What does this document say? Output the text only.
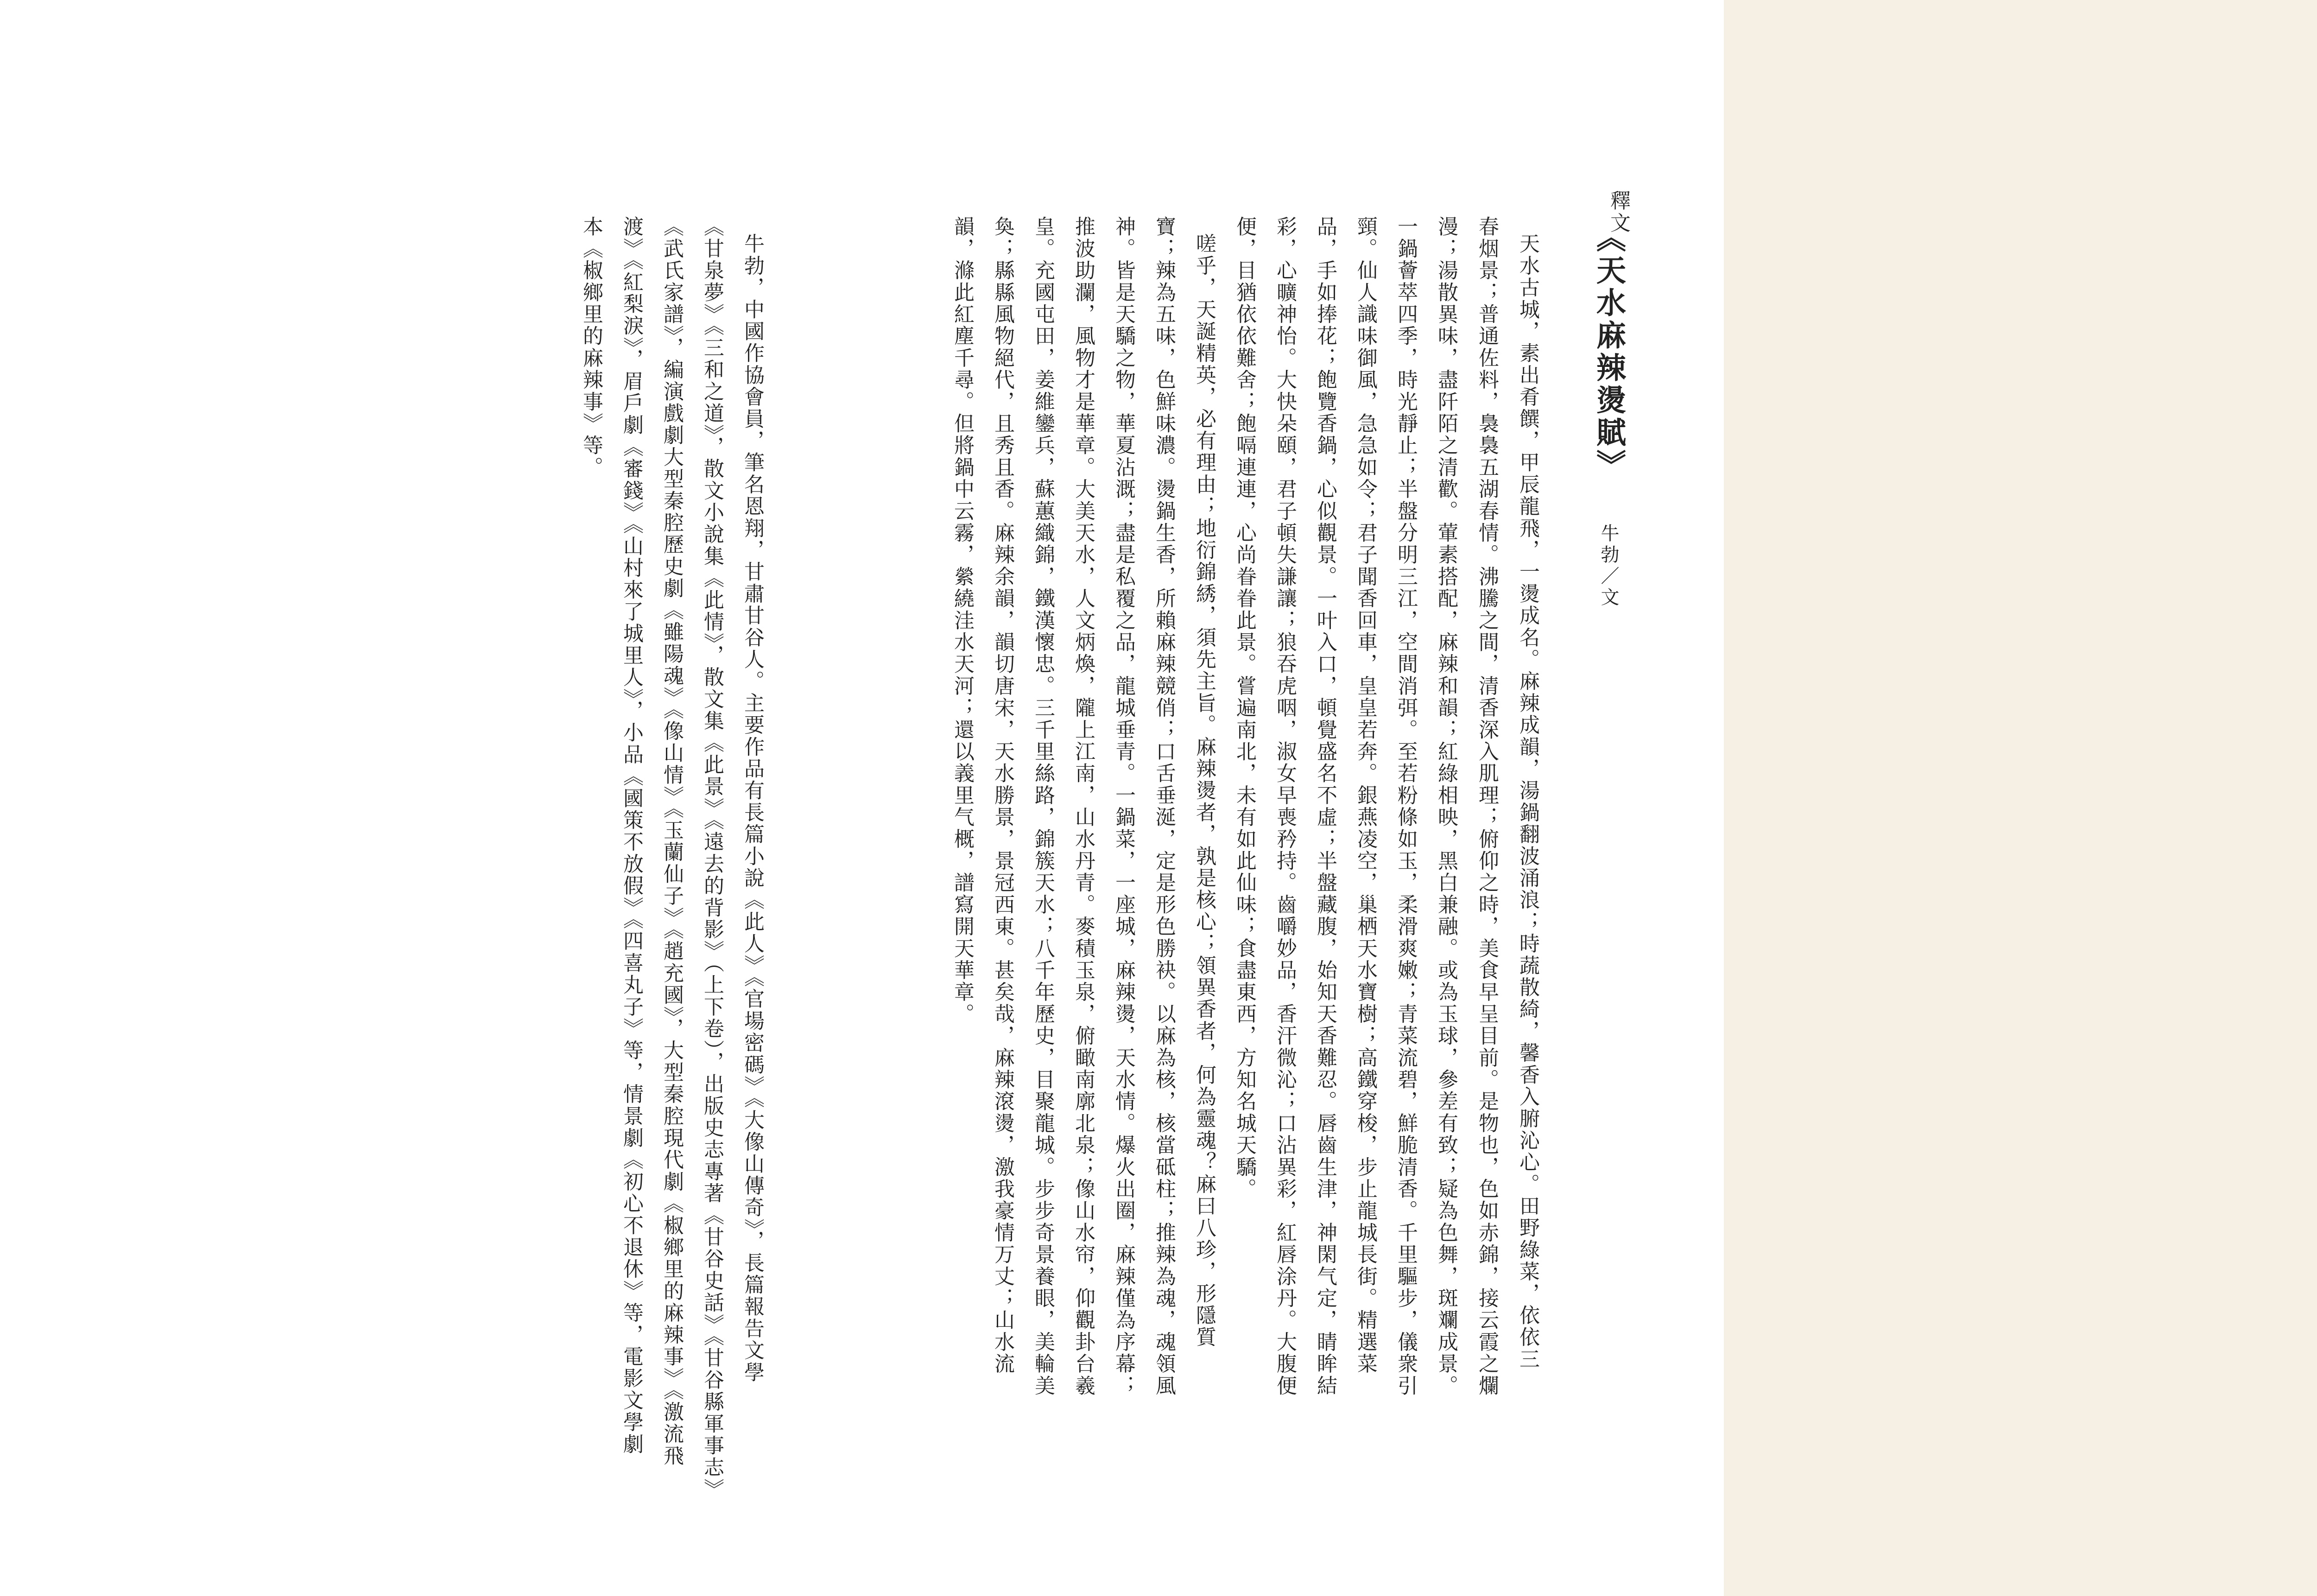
釋文
《天水麻辣燙賦》
牛勃／文
天水古城，素出肴饌，甲辰龍飛，一燙成名。麻辣成韻，湯鍋翻波涌浪；時蔬散綺，馨香入腑沁心。田野綠菜，依依三
春烟景；普通佐料，裊裊五湖春情。沸騰之間，清香深入肌理；俯仰之時，美食早呈目前。是物也，色如赤錦，接云霞之爛
漫；湯散異味，盡阡陌之清歡。葷素搭配，麻辣和韻；紅綠相映，黑白兼融。或為玉球，參差有致；疑為色舞，斑斕成景。
一鍋薈萃四季，時光靜止；半盤分明三江，空間消弭。至若粉條如玉，柔滑爽嫩；青菜流碧，鮮脆清香。千里驅步，儀衆引
頸。仙人識味御風，急急如令；君子聞香回車，皇皇若奔。銀燕凌空，巢栖天水寶樹；高鐵穿梭，步止龍城長街。精選菜
品，手如捧花；飽覽香鍋，心似觀景。一叶入口，頓覺盛名不虛；半盤藏腹，始知天香難忍。唇齒生津，神閑气定，睛眸結
彩，心曠神怡。大快朵頤，君子頓失謙讓；狼吞虎咽，淑女早喪矜持。齒嚼妙品，香汗微沁；口沾異彩，紅唇涂丹。大腹便
便，目猶依依難舍；飽嗝連連，心尚眷眷此景。嘗遍南北，未有如此仙味；食盡東西，方知名城天驕。
嗟乎，天誕精英，必有理由；地衍錦綉，須先主旨。麻辣燙者，孰是核心；領異香者，何為靈魂？麻曰八珍，形隱質
寶；辣為五味，色鮮味濃。燙鍋生香，所賴麻辣競俏；口舌垂涎，定是形色勝袂。以麻為核，核當砥柱；推辣為魂，魂領風
神。皆是天驕之物，華夏沾溉；盡是私覆之品，龍城垂青。一鍋菜，一座城，麻辣燙，天水情。爆火出圈，麻辣僅為序幕；
推波助瀾，風物才是華章。大美天水，人文炳煥，隴上江南，山水丹青。麥積玉泉，俯瞰南廓北泉；像山水帘，仰觀卦台羲
皇。充國屯田，姜維鑾兵，蘇蕙織錦，鐵漢懷忠。三千里絲路，錦簇天水；八千年歷史，目聚龍城。步步奇景養眼，美輪美
奐；縣縣風物絕代，且秀且香。麻辣余韻，韻切唐宋，天水勝景，景冠西東。甚矣哉，麻辣滾燙，激我豪情万丈；山水流
韻，滌此紅塵千尋。但將鍋中云霧，縈繞洼水天河；還以義里气概，譜寫開天華章。
牛勃，中國作協會員，筆名恩翔，甘肅甘谷人。主要作品有長篇小說《此人》《官場密碼》《大像山傳奇》，長篇報告文學
《甘泉夢》《三和之道》，散文小說集《此情》，散文集《此景》《遠去的背影》（上下卷），出版史志專著《甘谷史話》《甘谷縣軍事志》
《武氏家譜》，編演戲劇大型秦腔歷史劇《雖陽魂》《像山情》《玉蘭仙子》《趙充國》，大型秦腔現代劇《椒鄉里的麻辣事》《激流飛
渡》《紅梨淚》，眉戶劇《審錢》《山村來了城里人》，小品《國策不放假》《四喜丸子》等，情景劇《初心不退休》等，電影文學劇
本《椒鄉里的麻辣事》等。
